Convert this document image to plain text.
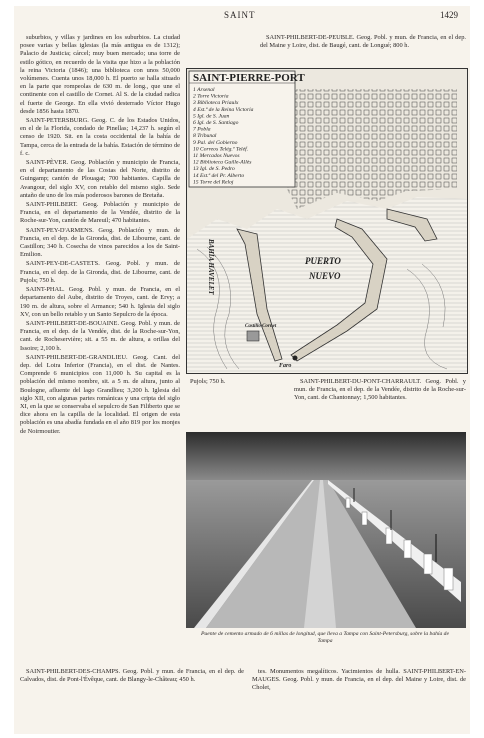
SAINT	1429

suburbios, y villas y jardines en los suburbios. La ciudad posee varias y bellas iglesias (la más antigua es de 1312); Palacio de Justicia; cárcel; muy buen mercado; una torre de estilo gótico, en recuerdo de la visita que hizo a la población la reina Victoria (1846); una biblioteca con unos 50,000 volúmenes. Cuenta unos 18,000 h. El puerto se halla situado en la parte que rompeolas de 630 m. de long., que une el continente con el castillo de Cornet. Al S. de la ciudad radica el fuerte de George. En ella vivió desterrado Víctor Hugo desde 1856 hasta 1870.

SAINT-PETERSBURG. Geog. C. de los Estados Unidos, en el de la Florida, condado de Pinellas; 14,237 h. según el censo de 1920. Sit. en la costa occidental de la bahía de Tampa, cerca de la entrada de la bahía. Estación de término de f. c.

SAINT-PÈVER. Geog. Población y municipio de Francia, en el departamento de las Costas del Norte, distrito de Guingamp; cantón de Plouagat; 700 habitantes. Capilla de Avangour, del siglo XV, con retablo del mismo siglo. Sede antaño de uno de los más poderosos barones de Bretaña.

SAINT-PHILBERT. Geog. Población y municipio de Francia, en el departamento de la Vendée, distrito de la Roche-sur-Yon, cantón de Mareuil; 470 habitantes.

SAINT-PEY-D'ARMENS. Geog. Población y mun. de Francia, en el dep. de la Gironda, dist. de Libourne, cant. de Castillon; 340 h. Cosecha de vinos parecidos a los de Saint-Emilion.

SAINT-PEY-DE-CASTETS. Geog. Pobl. y mun. de Francia, en el dep. de la Gironda, dist. de Libourne, cant. de Pujols; 750 h.

SAINT-PHAL. Geog. Pobl. y mun. de Francia, en el departamento del Aube, distrito de Troyes, cant. de Ervy; a 190 m. de altura, sobre el Armance; 540 h. Iglesia del siglo XV, con un bello retablo y un Santo Sepulcro de la época.

SAINT-PHILBERT-DE-BOUAINE. Geog. Pobl. y mun. de Francia, en el dep. de la Vendée, dist. de la Roche-sur-Yon, cant. de Rocheservière; sit. a 55 m. de altura, a orillas del Issoire; 2,100 h.

SAINT-PHILBERT-DE-GRANDLIEU. Geog. Cant. del dep. del Loira Inferior (Francia), en el dist. de Nantes. Comprende 6 municipios con 11,000 h. Su capital es la población del mismo nombre, sit. a 5 m. de altura, junto al Boulogne, afluente del lago Grandlieu; 3,200 h. Iglesia del siglo XII, con algunas partes románicas y una cripta del siglo XI, en la que se conservaba el sepulcro de San Filiberto que se dice ahora en la capilla de la localidad. El origen de esta población es una abadía fundada en el año 819 por los monjes de Noirmoutier.

SAINT-PHILBERT-DE-PEUBLE. Geog. Pobl. y mun. de Francia, en el dep. del Maine y Loire, dist. de Baugé, cant. de Longué; 800 h.

SAINT-PIERRE-PORT
1 Arsenal
2 Torre Victoria
3 Biblioteca Priaulx
4 Est.ª de la Reina Victoria
5 Igl. de S. Juan
6 Igl. de S. Santiago
7 Pobla
8 Tribunal
9 Pal. del Gobierno
10 Correos Telég.º Teléf.
11 Mercados Nuevos
12 Biblioteca Guille-Allès
13 Igl. de S. Pedro
14 Est.ª del Pr. Alberto
15 Torre del Reloj
PUERTO
NUEVO
BAHÍA HAVELET
Faro
Castillo Cornet

Pujols; 750 h.	SAINT-PHILBERT-DU-PONT-CHARRAULT. Geog. Pobl. y mun. de Francia, en el dep. de la Vendée, distrito de la Roche-sur-Yon, cant. de Chantonnay; 1,500 habitantes.

Puente de cemento armado de 6 millas de longitud, que lleva a Tampa con Saint-Petersburg, sobre la bahía de Tampa

SAINT-PHILBERT-DES-CHAMPS. Geog. Pobl. y mun. de Francia, en el dep. de Calvados, dist. de Pont-l'Évêque, cant. de Blangy-le-Château; 450 h.

tes. Monumentos megalíticos. Yacimientos de hulla. SAINT-PHILBERT-EN-MAUGES. Geog. Pobl. y mun. de Francia, en el dep. del Maine y Loire, dist. de Cholet,
